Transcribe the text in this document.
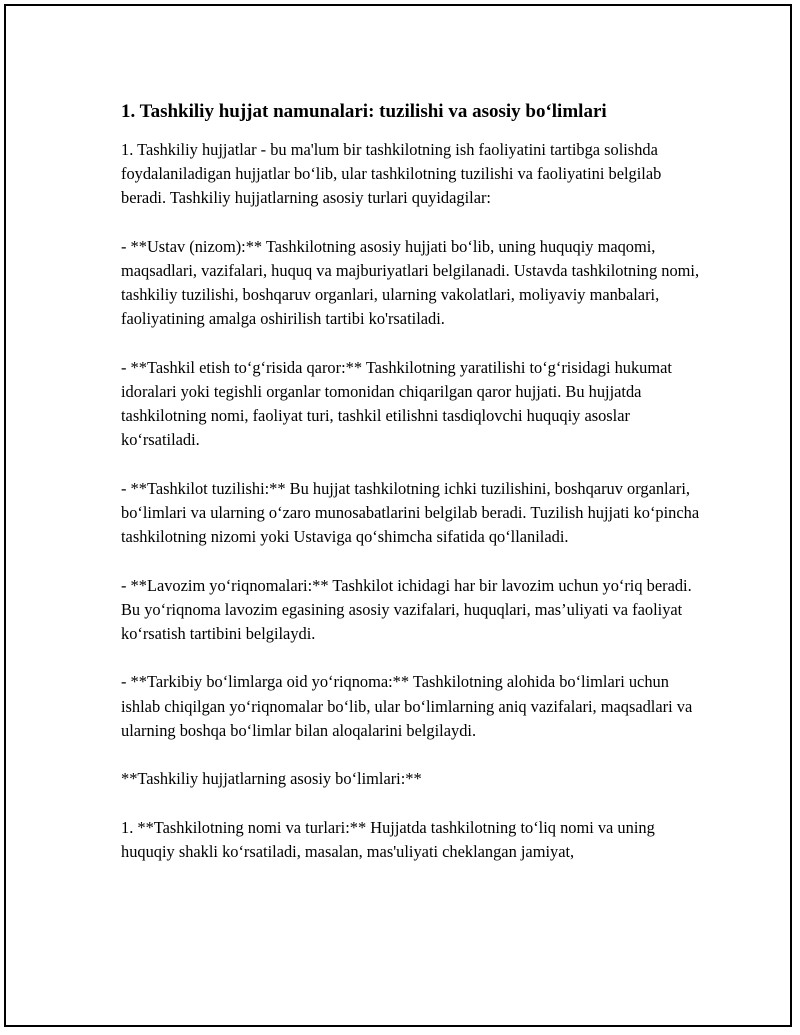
1. Tashkiliy hujjat namunalari: tuzilishi va asosiy bo‘limlari

1. Tashkiliy hujjatlar - bu ma'lum bir tashkilotning ish faoliyatini tartibga solishda foydalaniladigan hujjatlar bo‘lib, ular tashkilotning tuzilishi va faoliyatini belgilab beradi. Tashkiliy hujjatlarning asosiy turlari quyidagilar:

- **Ustav (nizom):** Tashkilotning asosiy hujjati bo‘lib, uning huquqiy maqomi, maqsadlari, vazifalari, huquq va majburiyatlari belgilanadi. Ustavda tashkilotning nomi, tashkiliy tuzilishi, boshqaruv organlari, ularning vakolatlari, moliyaviy manbalari, faoliyatining amalga oshirilish tartibi ko'rsatiladi.

- **Tashkil etish to‘g‘risida qaror:** Tashkilotning yaratilishi to‘g‘risidagi hukumat idoralari yoki tegishli organlar tomonidan chiqarilgan qaror hujjati. Bu hujjatda tashkilotning nomi, faoliyat turi, tashkil etilishni tasdiqlovchi huquqiy asoslar ko‘rsatiladi.

- **Tashkilot tuzilishi:** Bu hujjat tashkilotning ichki tuzilishini, boshqaruv organlari, bo‘limlari va ularning o‘zaro munosabatlarini belgilab beradi. Tuzilish hujjati ko‘pincha tashkilotning nizomi yoki Ustaviga qo‘shimcha sifatida qo‘llaniladi.

- **Lavozim yo‘riqnomalari:** Tashkilot ichidagi har bir lavozim uchun yo‘riq beradi. Bu yo‘riqnoma lavozim egasining asosiy vazifalari, huquqlari, mas’uliyati va faoliyat ko‘rsatish tartibini belgilaydi.

- **Tarkibiy bo‘limlarga oid yo‘riqnoma:** Tashkilotning alohida bo‘limlari uchun ishlab chiqilgan yo‘riqnomalar bo‘lib, ular bo‘limlarning aniq vazifalari, maqsadlari va ularning boshqa bo‘limlar bilan aloqalarini belgilaydi.

**Tashkiliy hujjatlarning asosiy bo‘limlari:**

1. **Tashkilotning nomi va turlari:** Hujjatda tashkilotning to‘liq nomi va uning huquqiy shakli ko‘rsatiladi, masalan, mas'uliyati cheklangan jamiyat,
